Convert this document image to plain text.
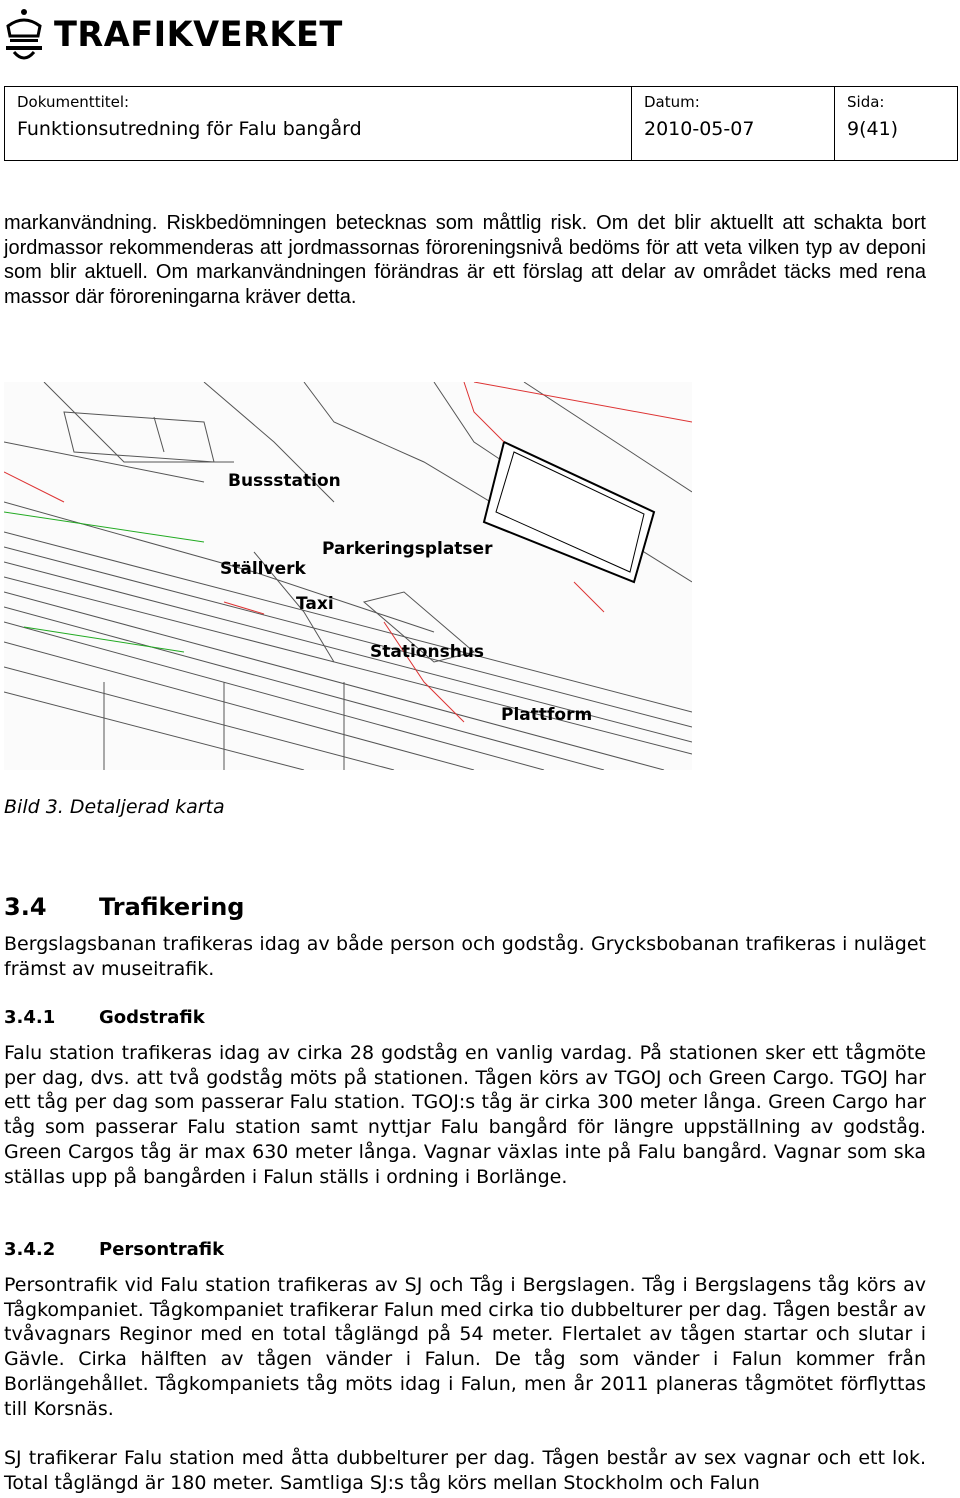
TRAFIKVERKET
Dokumenttitel:
Funktionsutredning för Falu bangård

Datum:
2010-05-07

Sida:
9(41)

markanvändning. Riskbedömningen betecknas som måttlig risk. Om det blir aktuellt att schakta bort jordmassor rekommenderas att jordmassornas föroreningsnivå bedöms för att veta vilken typ av deponi som blir aktuell. Om markanvändningen förändras är ett förslag att delar av området täcks med rena massor där föroreningarna kräver detta.

Bussstation
Parkeringsplatser
Ställverk
Taxi
Stationshus
Plattform
Bild 3. Detaljerad karta
3.4	Trafikering

Bergslagsbanan trafikeras idag av både person och godståg. Grycksbobanan trafikeras i nuläget främst av museitrafik.

3.4.1	Godstrafik

Falu station trafikeras idag av cirka 28 godståg en vanlig vardag. På stationen sker ett tågmöte per dag, dvs. att två godståg möts på stationen. Tågen körs av TGOJ och Green Cargo. TGOJ har ett tåg per dag som passerar Falu station. TGOJ:s tåg är cirka 300 meter långa. Green Cargo har tåg som passerar Falu station samt nyttjar Falu bangård för längre uppställning av godståg. Green Cargos tåg är max 630 meter långa. Vagnar växlas inte på Falu bangård. Vagnar som ska ställas upp på bangården i Falun ställs i ordning i Borlänge.

3.4.2	Persontrafik

Persontrafik vid Falu station trafikeras av SJ och Tåg i Bergslagen. Tåg i Bergslagens tåg körs av Tågkompaniet. Tågkompaniet trafikerar Falun med cirka tio dubbelturer per dag. Tågen består av tvåvagnars Reginor med en total tåglängd på 54 meter. Flertalet av tågen startar och slutar i Gävle. Cirka hälften av tågen vänder i Falun. De tåg som vänder i Falun kommer från Borlängehållet. Tågkompaniets tåg möts idag i Falun, men år 2011 planeras tågmötet förflyttas till Korsnäs.

SJ trafikerar Falu station med åtta dubbelturer per dag. Tågen består av sex vagnar och ett lok. Total tåglängd är 180 meter. Samtliga SJ:s tåg körs mellan Stockholm och Falun
